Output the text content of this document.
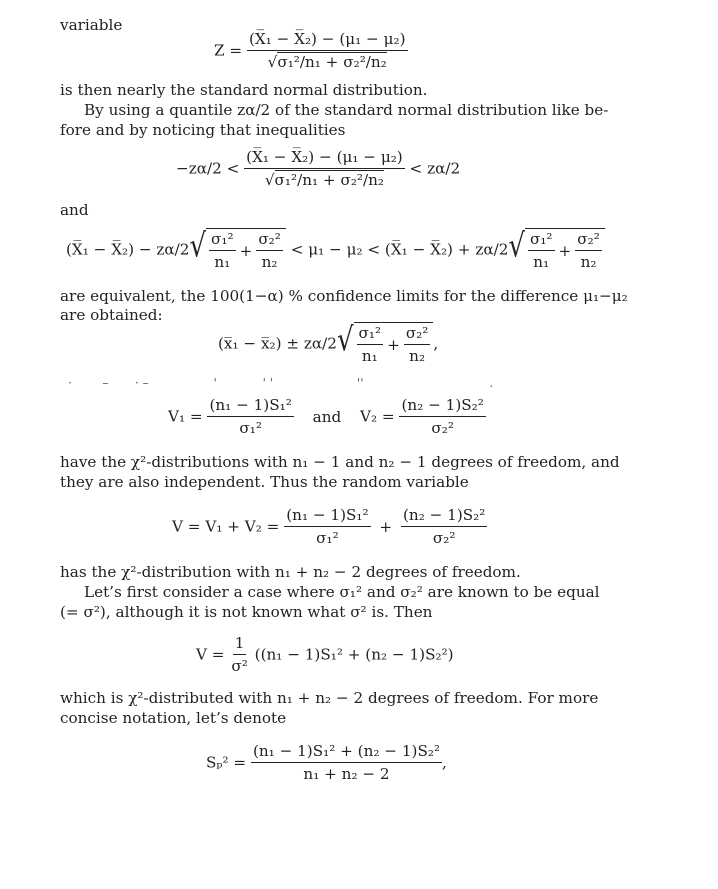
variable
$Z = \frac{\text{(X̅₁ − X̅₂) − (μ₁ − μ₂)}}{\text{√σ₁²/n₁ + σ₂²/n₂}}$
is then nearly the standard normal distribution.
By using a quantile zα/2 of the standard normal distribution like be-
fore and by noticing that inequalities
$-z\alpha/2 < \frac{\text{(X̅₁ − X̅₂) − (μ₁ − μ₂)}}{\text{√σ₁²/n₁ + σ₂²/n₂}} < z\alpha/2$
and
(X̅₁ − X̅₂) − zα/2 √ $\frac{\text{σ₁²}}{\text{n₁}} + \frac{\text{σ₂²}}{\text{n₂}} < \mu_1 - \mu_2$ < (X̅₁ − X̅₂) + zα/2 √ $\frac{\text{σ₁²}}{\text{n₁}} + \frac{\text{σ₂²}}{\text{n₂}}$
are equivalent, the 100(1−α) % confidence limits for the difference μ₁−μ₂
are obtained:
(x̅₁ − x̅₂) ± zα/2 √ $\frac{\text{σ₁²}}{\text{n₁}} + \frac{\text{σ₂²}}{\text{n₂}}$ ,
·        –       · –                 '            ' '                      ''                                 .
$V_1 = \frac{\text{(n₁ − 1)S₁²}}{\text{σ₁²}}$ and $V_2 = \frac{\text{(n₂ − 1)S₂²}}{\text{σ₂²}}$
have the χ²-distributions with n₁ − 1 and n₂ − 1 degrees of freedom, and
they are also independent. Thus the random variable
$V = V_1 + V_2 = \frac{\text{(n₁ − 1)S₁²}}{\text{σ₁²}} + \frac{\text{(n₂ − 1)S₂²}}{\text{σ₂²}}$
has the χ²-distribution with n₁ + n₂ − 2 degrees of freedom.
Let’s first consider a case where σ₁² and σ₂² are known to be equal
(= σ²), although it is not known what σ² is. Then
$V = \frac{1}{\text{σ²}} ((n_1 - 1)S_1^2 + (n_2 - 1)S_2^2)$
which is χ²-distributed with n₁ + n₂ − 2 degrees of freedom. For more
concise notation, let’s denote
$S_p^2 = \frac{\text{(n₁ − 1)S₁² + (n₂ − 1)S₂²}}{\text{n₁ + n₂ − 2}}$ ,
